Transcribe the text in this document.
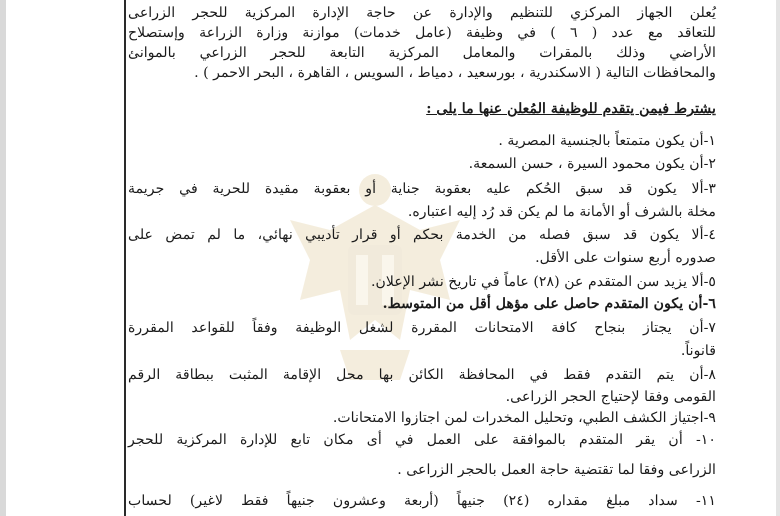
يُعلن الجهاز المركزي للتنظيم والإدارة عن حاجة الإدارة المركزية للحجر الزراعى
للتعاقد مع عدد ( ٦ ) في وظيفة (عامل خدمات) موازنة وزارة الزراعة وإستصلاح
الأراضي وذلك بالمقرات والمعامل المركزية التابعة للحجر الزراعي بالموانئ
والمحافظات التالية ( الاسكندرية ، بورسعيد ، دمياط ، السويس ، القاهرة ، البحر الاحمر ) .
يشترط فيمن يتقدم للوظيفة المُعلن عنها ما يلى :
١-أن يكون متمتعاً بالجنسية المصرية .
٢-أن يكون محمود السيرة ، حسن السمعة.
٣-ألا يكون قد سبق الحُكم عليه بعقوبة جناية أو بعقوبة مقيدة للحرية في جريمة
مخلة بالشرف أو الأمانة ما لم يكن قد رُد إليه اعتباره.
٤-ألا يكون قد سبق فصله من الخدمة بحكم أو قرار تأديبي نهائي، ما لم تمض على
صدوره أربع سنوات على الأقل.
٥-ألا يزيد سن المتقدم عن (٢٨) عاماً في تاريخ نشر الإعلان.
٦-أن يكون المتقدم حاصل على مؤهل أقل من المتوسط.
٧-أن يجتاز بنجاح كافة الامتحانات المقررة لشغل الوظيفة وفقاً للقواعد المقررة
قانوناً.
٨-أن يتم التقدم فقط في المحافظة الكائن بها محل الإقامة المثبت ببطاقة الرقم
القومى وفقا لإحتياج الحجر الزراعى.
٩-اجتياز الكشف الطبي، وتحليل المخدرات لمن اجتازوا الامتحانات.
١٠- أن يقر المتقدم بالموافقة على العمل في أى مكان تابع للإدارة المركزية للحجر
الزراعى وفقا لما تقتضية حاجة العمل بالحجر الزراعى .
١١- سداد مبلغ مقداره (٢٤) جنيهاً (أربعة وعشرون جنيهاً فقط لاغير) لحساب
